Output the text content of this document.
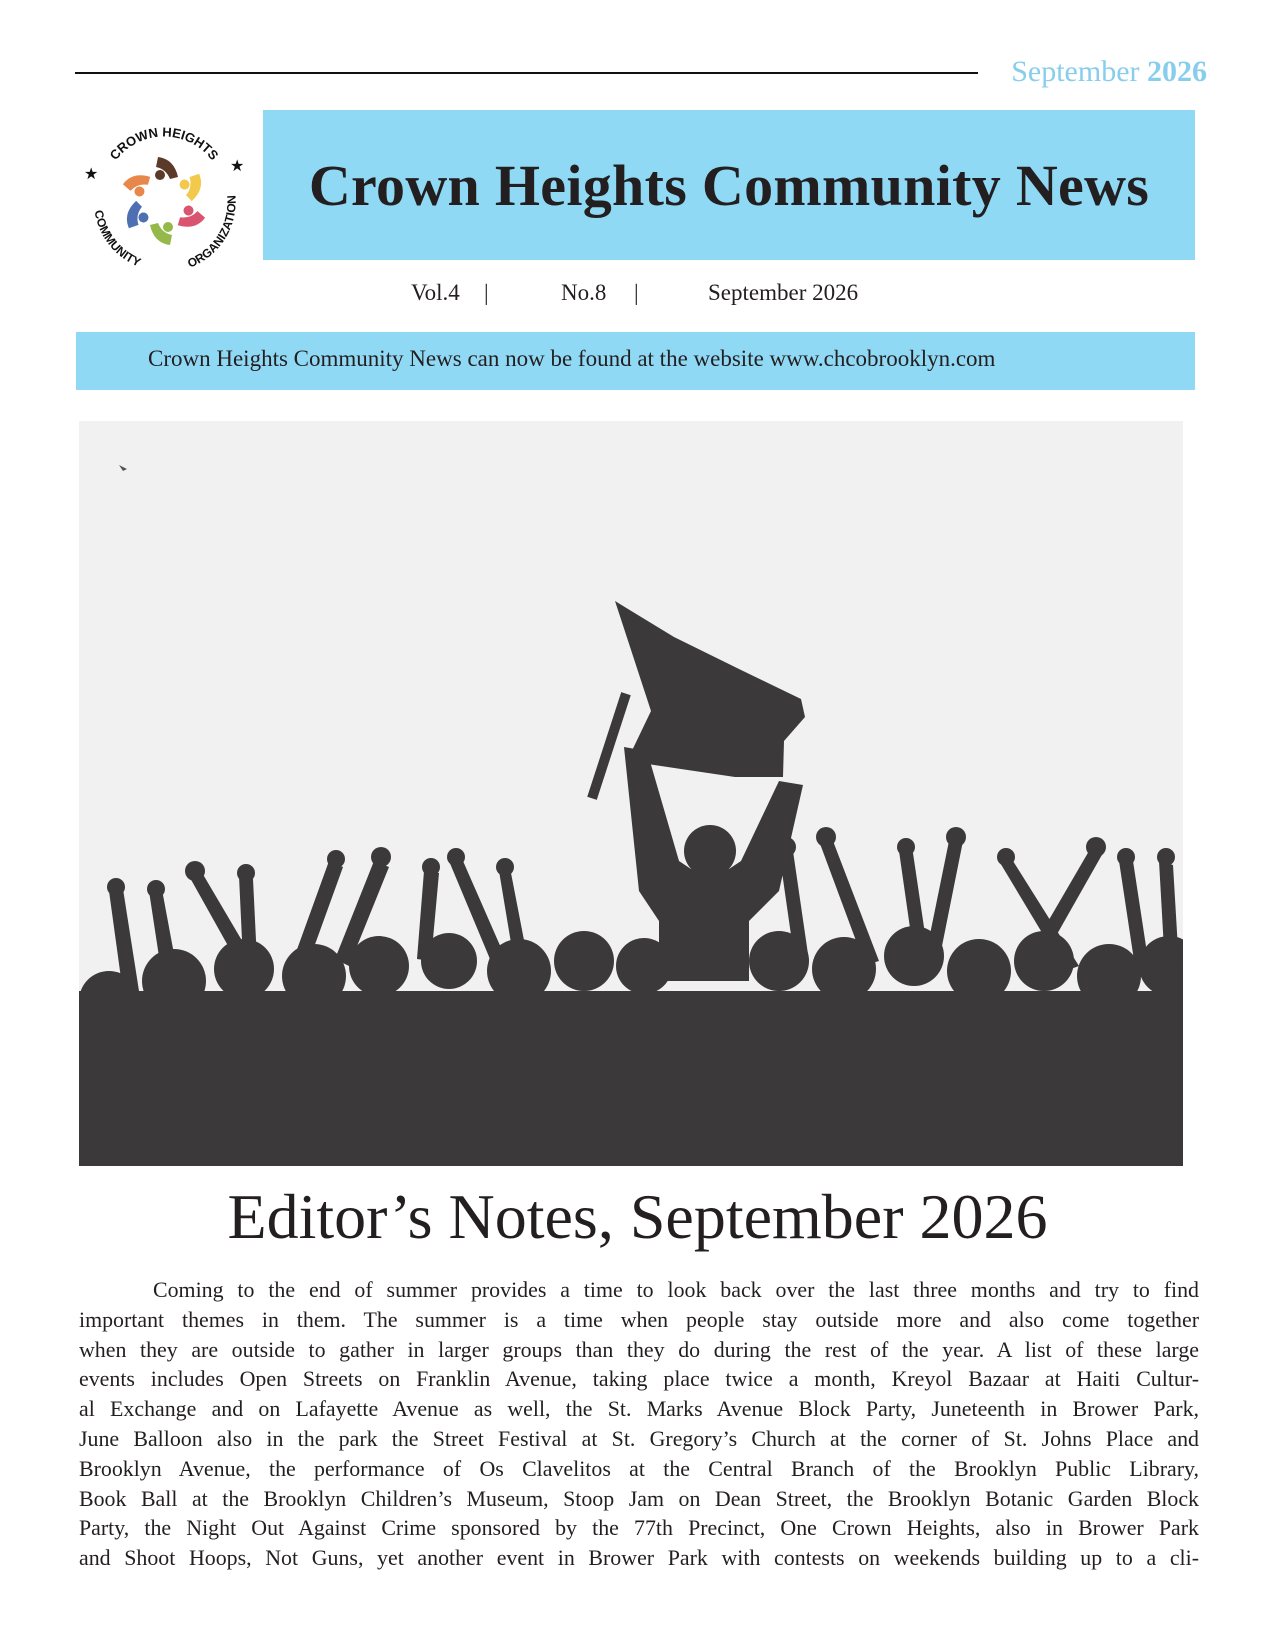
September 2026
CROWN HEIGHTS
COMMUNITY	ORGANIZATION
★	★ Crown Heights Community News
Vol.4 |	No.8 |	September 2026
Crown Heights Community News can now be found at the website www.chcobrooklyn.com
Editor’s Notes, September 2026
Coming to the end of summer provides a time to look back over the last three months and try to find
important themes in them. The summer is a time when people stay outside more and also come together
when they are outside to gather in larger groups than they do during the rest of the year. A list of these large
events includes Open Streets on Franklin Avenue, taking place twice a month, Kreyol Bazaar at Haiti Cultur-
al Exchange and on Lafayette Avenue as well, the St. Marks Avenue Block Party, Juneteenth in Brower Park,
June Balloon also in the park the Street Festival at St. Gregory’s Church at the corner of St. Johns Place and
Brooklyn Avenue, the performance of Os Clavelitos at the Central Branch of the Brooklyn Public Library,
Book Ball at the Brooklyn Children’s Museum, Stoop Jam on Dean Street, the Brooklyn Botanic Garden Block
Party, the Night Out Against Crime sponsored by the 77th Precinct, One Crown Heights, also in Brower Park
and Shoot Hoops, Not Guns, yet another event in Brower Park with contests on weekends building up to a cli-
